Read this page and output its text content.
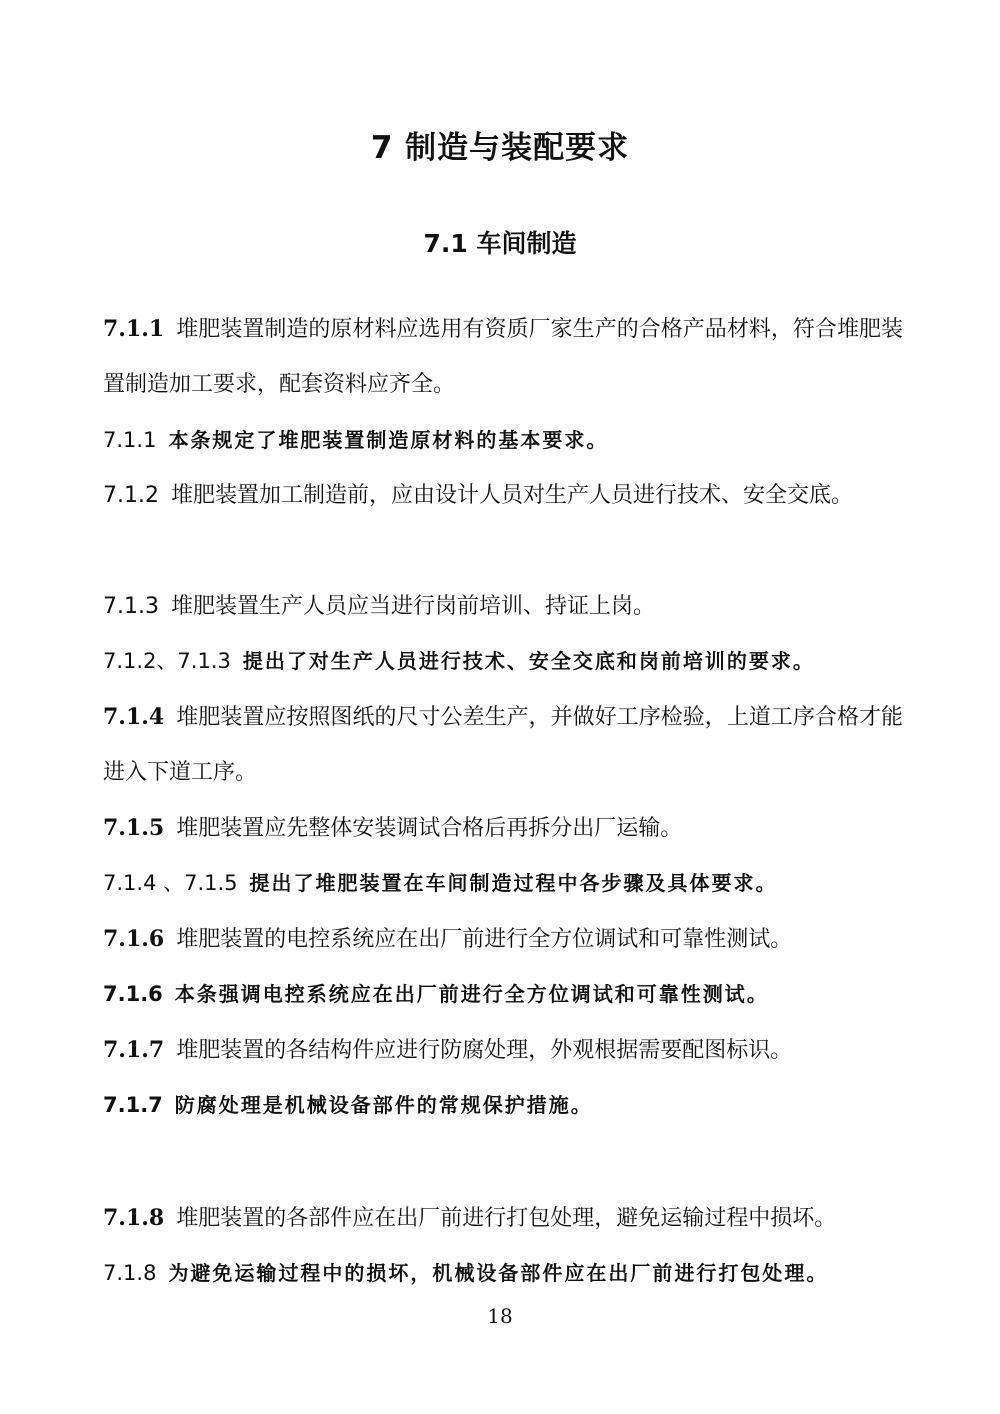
7 制造与装配要求
7.1 车间制造
7.1.1 堆肥装置制造的原材料应选用有资质厂家生产的合格产品材料，符合堆肥装置制造加工要求，配套资料应齐全。
7.1.1 本条规定了堆肥装置制造原材料的基本要求。
7.1.2 堆肥装置加工制造前，应由设计人员对生产人员进行技术、安全交底。
7.1.3 堆肥装置生产人员应当进行岗前培训、持证上岗。
7.1.2、7.1.3 提出了对生产人员进行技术、安全交底和岗前培训的要求。
7.1.4 堆肥装置应按照图纸的尺寸公差生产，并做好工序检验，上道工序合格才能进入下道工序。
7.1.5 堆肥装置应先整体安装调试合格后再拆分出厂运输。
7.1.4 、7.1.5 提出了堆肥装置在车间制造过程中各步骤及具体要求。
7.1.6 堆肥装置的电控系统应在出厂前进行全方位调试和可靠性测试。
7.1.6 本条强调电控系统应在出厂前进行全方位调试和可靠性测试。
7.1.7 堆肥装置的各结构件应进行防腐处理，外观根据需要配图标识。
7.1.7 防腐处理是机械设备部件的常规保护措施。
7.1.8 堆肥装置的各部件应在出厂前进行打包处理，避免运输过程中损坏。
7.1.8 为避免运输过程中的损坏，机械设备部件应在出厂前进行打包处理。
18
